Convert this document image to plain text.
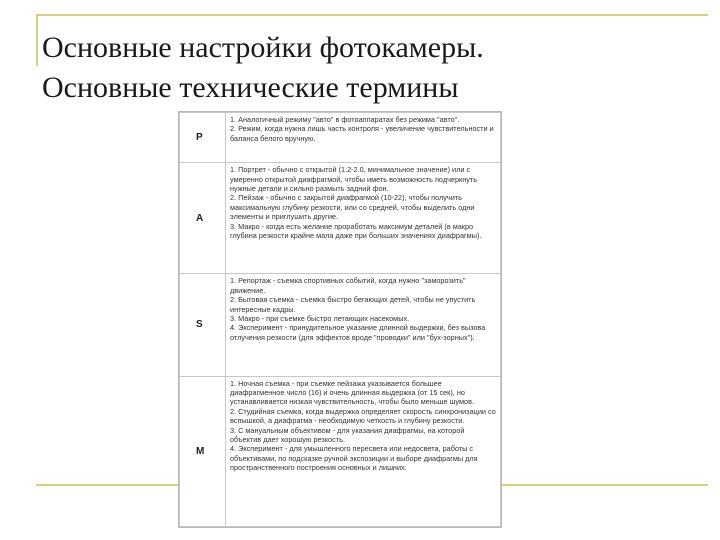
Основные настройки фотокамеры.
Основные технические термины
P	1. Аналогичный режиму "авто" в фотоаппаратах без режима "авто".

2. Режим, когда нужна лишь часть контроля - увеличение чувствительности и баланса белого вручную.

A	1. Портрет - обычно с открытой (1.2-2.0, минимальное значение) или с умеренно открытой диафрагмой, чтобы иметь возможность подчеркнуть нужные детали и сильно размыть задний фон.

2. Пейзаж - обычно с закрытой диафрагмой (10-22), чтобы получить максимальную глубину резкости, или со средней, чтобы выделить одни элементы и приглушить другие.

3. Макро - когда есть желание проработать максимум деталей (в макро глубина резкости крайне мала даже при больших значениях диафрагмы).

S	1. Репортаж - съемка спортивных событий, когда нужно "заморозить" движение.

2. Бытовая съемка - съемка быстро бегающих детей, чтобы не упустить интересные кадры.

3. Макро - при съемке быстро летающих насекомых.

4. Эксперимент - принудительное указание длинной выдержки, без вызова отлучения резкости (для эффектов вроде "проводки" или "бух-зорных").

M	1. Ночная съемка - при съемке пейзажа указывается большее диафрагменное число (16) и очень длинная выдержка (от 15 сек), но устанавливается низкая чувствительность, чтобы было меньше шумов.

2. Студийная съемка, когда выдержка определяет скорость синхронизации со вспышкой, а диафрагма - необходимую четкость и глубину резкости.

3. С мануальным объективом - для указания диафрагмы, на которой объектив дает хорошую резкость.

4. Эксперимент - для умышленного пересвета или недосвета, работы с объективами, по подсказке ручной экспозиции и выборе диафрагмы для пространственного построения основных и лишних.
